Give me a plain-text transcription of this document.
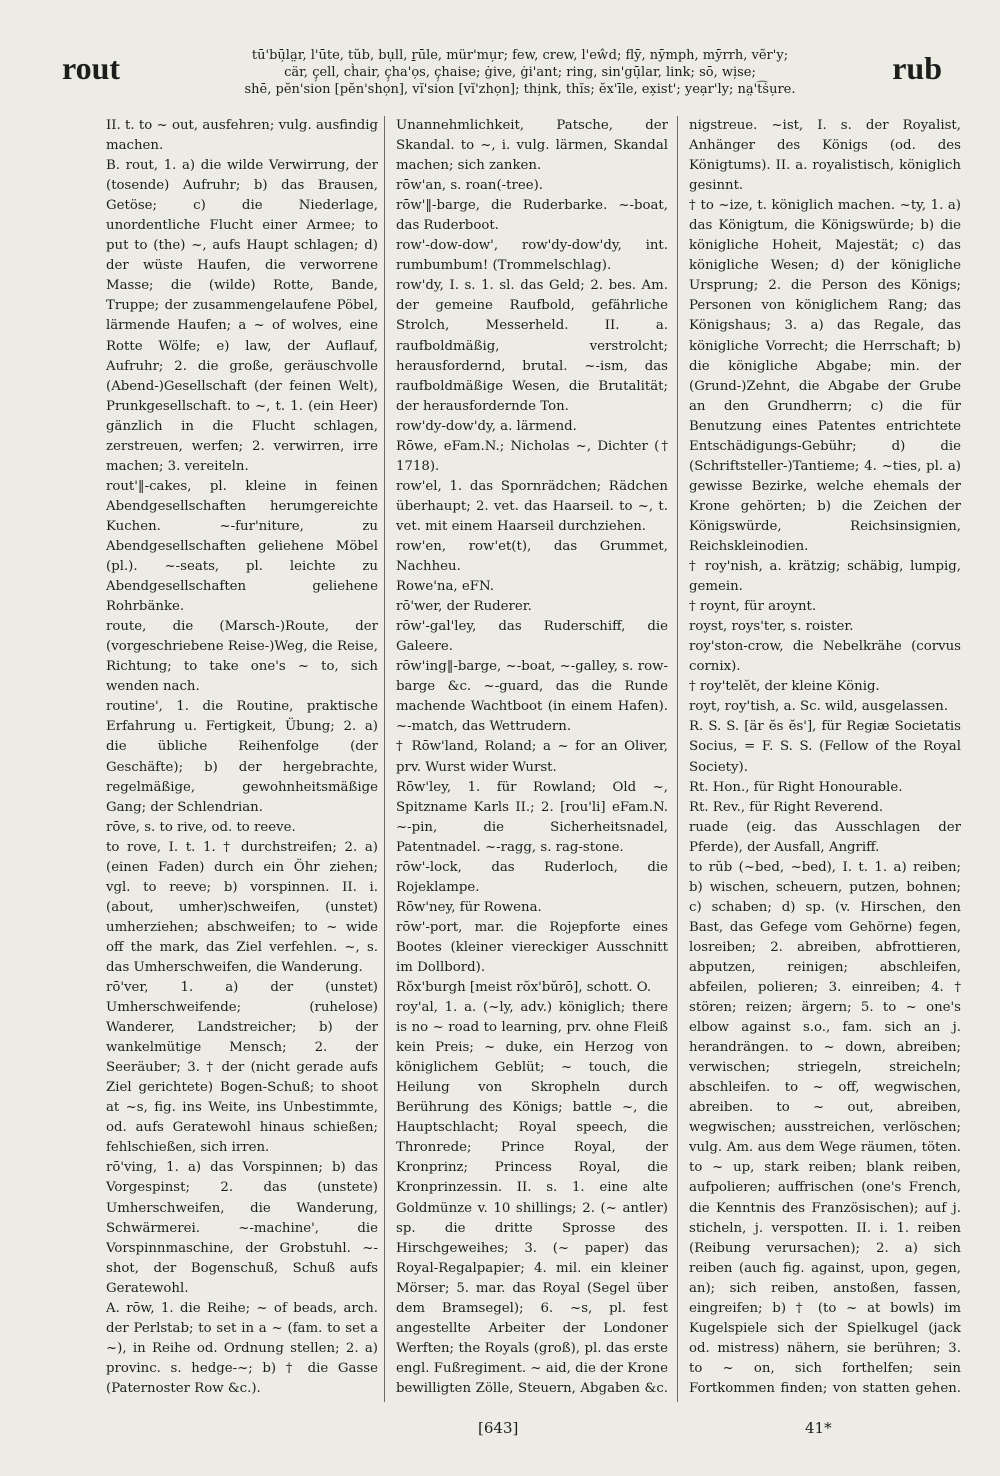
rout	tū'bū̦la̤r, l'ūte, tŭb, bụll, ṟūle, mür'mu̦r; few, crew, l'eŵd; flȳ, nȳmph, mȳrrh, vẽr'y;
cär, ç̦ell, ch̀air, ç̦ha'o̦s, ç̦haise; ġive, ġi'ant; ring, sin'gū̦lar, link; sō, wi̦se;
shē, pĕn'sion [pĕn'sho̦n], vĭ'sion [vĭ'zho̦n]; thi̦nk, thĭs; ĕx'īle, ex̦ist'; yea̦r'ly; na̤'t͡ṡu̦re.
rub

II. t. to ~ out, ausfehren; vulg. ausfindig machen.

B. rout, 1. a) die wilde Verwirrung, der (tosende) Aufruhr; b) das Brausen, Getöse; c) die Niederlage, unordentliche Flucht einer Armee; to put to (the) ~, aufs Haupt schlagen; d) der wüste Haufen, die verworrene Masse; die (wilde) Rotte, Bande, Truppe; der zusammengelaufene Pöbel, lärmende Haufen; a ~ of wolves, eine Rotte Wölfe; e) law, der Auflauf, Aufruhr; 2. die große, geräuschvolle (Abend-)Gesellschaft (der feinen Welt), Prunkgesellschaft. to ~, t. 1. (ein Heer) gänzlich in die Flucht schlagen, zerstreuen, werfen; 2. verwirren, irre machen; 3. vereiteln.

rout'‖-cakes, pl. kleine in feinen Abendgesellschaften herumgereichte Kuchen. ~-fur'niture, zu Abendgesellschaften geliehene Möbel (pl.). ~-seats, pl. leichte zu Abendgesellschaften geliehene Rohrbänke.

route, die (Marsch-)Route, der (vorgeschriebene Reise-)Weg, die Reise, Richtung; to take one's ~ to, sich wenden nach.

routine', 1. die Routine, praktische Erfahrung u. Fertigkeit, Übung; 2. a) die übliche Reihenfolge (der Geschäfte); b) der hergebrachte, regelmäßige, gewohnheitsmäßige Gang; der Schlendrian.

rōve, s. to rive, od. to reeve.

to rove, I. t. 1. † durchstreifen; 2. a) (einen Faden) durch ein Öhr ziehen; vgl. to reeve; b) vorspinnen. II. i. (about, umher)schweifen, (unstet) umherziehen; abschweifen; to ~ wide off the mark, das Ziel verfehlen. ~, s. das Umherschweifen, die Wanderung.

rō'ver, 1. a) der (unstet) Umherschweifende; (ruhelose) Wanderer, Landstreicher; b) der wankelmütige Mensch; 2. der Seeräuber; 3. † der (nicht gerade aufs Ziel gerichtete) Bogen-Schuß; to shoot at ~s, fig. ins Weite, ins Unbestimmte, od. aufs Geratewohl hinaus schießen; fehlschießen, sich irren.

rō'ving, 1. a) das Vorspinnen; b) das Vorgespinst; 2. das (unstete) Umherschweifen, die Wanderung, Schwärmerei. ~-machine', die Vorspinnmaschine, der Grobstuhl. ~-shot, der Bogenschuß, Schuß aufs Geratewohl.

A. rōw, 1. die Reihe; ~ of beads, arch. der Perlstab; to set in a ~ (fam. to set a ~), in Reihe od. Ordnung stellen; 2. a) provinc. s. hedge-~; b) † die Gasse (Paternoster Row &c.).

Unannehmlichkeit, Patsche, der Skandal. to ~, i. vulg. lärmen, Skandal machen; sich zanken.

rōw'an, s. roan(-tree).

rōw'‖-barge, die Ruderbarke. ~-boat, das Ruderboot.

row'-dow-dow', row'dy-dow'dy, int. rumbumbum! (Trommelschlag).

row'dy, I. s. 1. sl. das Geld; 2. bes. Am. der gemeine Raufbold, gefährliche Strolch, Messerheld. II. a. raufboldmäßig, verstrolcht; herausfordernd, brutal. ~-ism, das raufboldmäßige Wesen, die Brutalität; der herausfordernde Ton.

row'dy-dow'dy, a. lärmend.

Rōwe, eFam.N.; Nicholas ~, Dichter († 1718).

row'el, 1. das Spornrädchen; Rädchen überhaupt; 2. vet. das Haarseil. to ~, t. vet. mit einem Haarseil durchziehen.

row'en, row'et(t), das Grummet, Nachheu.

Rowe'na, eFN.

rō'wer, der Ruderer.

rōw'-gal'ley, das Ruderschiff, die Galeere.

rōw'ing‖-barge, ~-boat, ~-galley, s. row-barge &c. ~-guard, das die Runde machende Wachtboot (in einem Hafen). ~-match, das Wettrudern.

† Rōw'land, Roland; a ~ for an Oliver, prv. Wurst wider Wurst.

Rōw'ley, 1. für Rowland; Old ~, Spitzname Karls II.; 2. [rou'li] eFam.N. ~-pin, die Sicherheitsnadel, Patentnadel. ~-ragg, s. rag-stone.

rōw'-lock, das Ruderloch, die Rojeklampe.

Rōw'ney, für Rowena.

rōw'-port, mar. die Rojepforte eines Bootes (kleiner viereckiger Ausschnitt im Dollbord).

Rŏx'burgh [meist rŏx'bŭrō], schott. O.

roy'al, 1. a. (~ly, adv.) königlich; there is no ~ road to learning, prv. ohne Fleiß kein Preis; ~ duke, ein Herzog von königlichem Geblüt; ~ touch, die Heilung von Skropheln durch Berührung des Königs; battle ~, die Hauptschlacht; Royal speech, die Thronrede; Prince Royal, der Kronprinz; Princess Royal, die Kronprinzessin. II. s. 1. eine alte Goldmünze v. 10 shillings; 2. (~ antler) sp. die dritte Sprosse des Hirschgeweihes; 3. (~ paper) das Royal-Regalpapier; 4. mil. ein kleiner Mörser; 5. mar. das Royal (Segel über dem Bramsegel); 6. ~s, pl. fest angestellte Arbeiter der Londoner Werften; the Royals (groß), pl. das erste engl. Fußregiment. ~ aid, die der Krone bewilligten Zölle, Steuern, Abgaben &c.

nigstreue. ~ist, I. s. der Royalist, Anhänger des Königs (od. des Königtums). II. a. royalistisch, königlich gesinnt.

† to ~ize, t. königlich machen. ~ty, 1. a) das Königtum, die Königswürde; b) die königliche Hoheit, Majestät; c) das königliche Wesen; d) der königliche Ursprung; 2. die Person des Königs; Personen von königlichem Rang; das Königshaus; 3. a) das Regale, das königliche Vorrecht; die Herrschaft; b) die königliche Abgabe; min. der (Grund-)Zehnt, die Abgabe der Grube an den Grundherrn; c) die für Benutzung eines Patentes entrichtete Entschädigungs-Gebühr; d) die (Schriftsteller-)Tantieme; 4. ~ties, pl. a) gewisse Bezirke, welche ehemals der Krone gehörten; b) die Zeichen der Königswürde, Reichsinsignien, Reichskleinodien.

† roy'nish, a. krätzig; schäbig, lumpig, gemein.

† roynt, für aroynt.

royst, roys'ter, s. roister.

roy'ston-crow, die Nebelkrähe (corvus cornix).

† roy'telĕt, der kleine König.

royt, roy'tish, a. Sc. wild, ausgelassen.

R. S. S. [är ĕs ĕs'], für Regiæ Societatis Socius, = F. S. S. (Fellow of the Royal Society).

Rt. Hon., für Right Honourable.

Rt. Rev., für Right Reverend.

ruade (eig. das Ausschlagen der Pferde), der Ausfall, Angriff.

to rŭb (~bed, ~bed), I. t. 1. a) reiben; b) wischen, scheuern, putzen, bohnen; c) schaben; d) sp. (v. Hirschen, den Bast, das Gefege vom Gehörne) fegen, losreiben; 2. abreiben, abfrottieren, abputzen, reinigen; abschleifen, abfeilen, polieren; 3. einreiben; 4. † stören; reizen; ärgern; 5. to ~ one's elbow against s.o., fam. sich an j. herandrängen. to ~ down, abreiben; verwischen; striegeln, streicheln; abschleifen. to ~ off, wegwischen, abreiben. to ~ out, abreiben, wegwischen; ausstreichen, verlöschen; vulg. Am. aus dem Wege räumen, töten. to ~ up, stark reiben; blank reiben, aufpolieren; auffrischen (one's French, die Kenntnis des Französischen); auf j. sticheln, j. verspotten. II. i. 1. reiben (Reibung verursachen); 2. a) sich reiben (auch fig. against, upon, gegen, an); sich reiben, anstoßen, fassen, eingreifen; b) † (to ~ at bowls) im Kugelspiele sich der Spielkugel (jack od. mistress) nähern, sie berühren; 3. to ~ on, sich forthelfen; sein Fortkommen finden; von statten gehen.

[643]	41*
